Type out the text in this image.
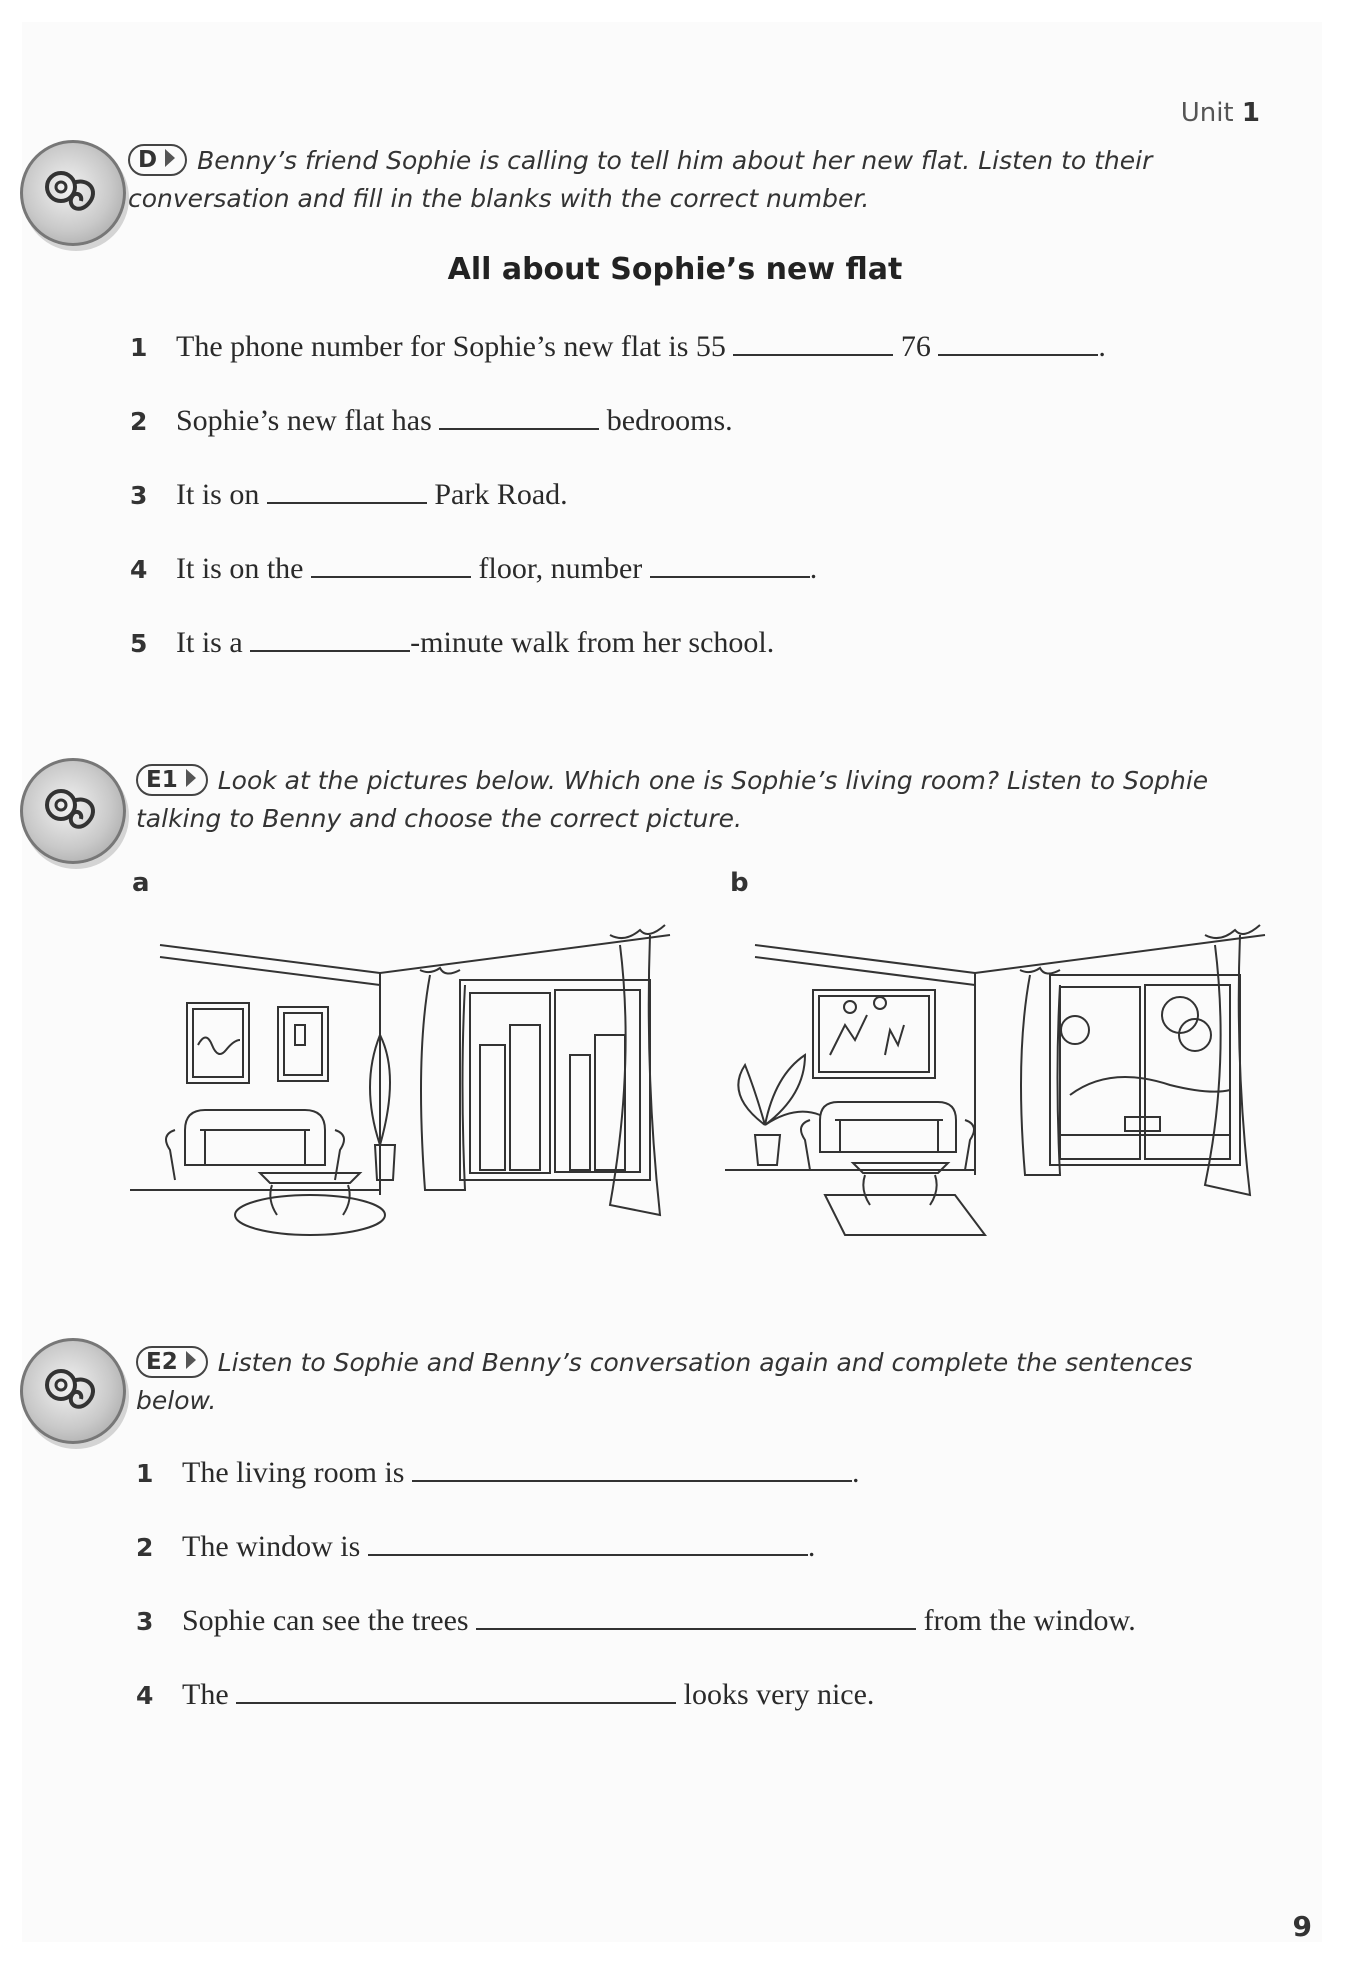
Unit 1
D Benny’s friend Sophie is calling to tell him about her new flat. Listen to their conversation and fill in the blanks with the correct number.
All about Sophie’s new flat
1 The phone number for Sophie’s new flat is 55	76	.
2 Sophie’s new flat has	bedrooms.
3 It is on	Park Road.
4 It is on the	floor, number	.
5 It is a	-minute walk from her school.
E1 Look at the pictures below. Which one is Sophie’s living room? Listen to Sophie talking to Benny and choose the correct picture.
a	b
E2 Listen to Sophie and Benny’s conversation again and complete the sentences below.
1 The living room is	.
2 The window is	.
3 Sophie can see the trees	from the window.
4 The	looks very nice.
9
